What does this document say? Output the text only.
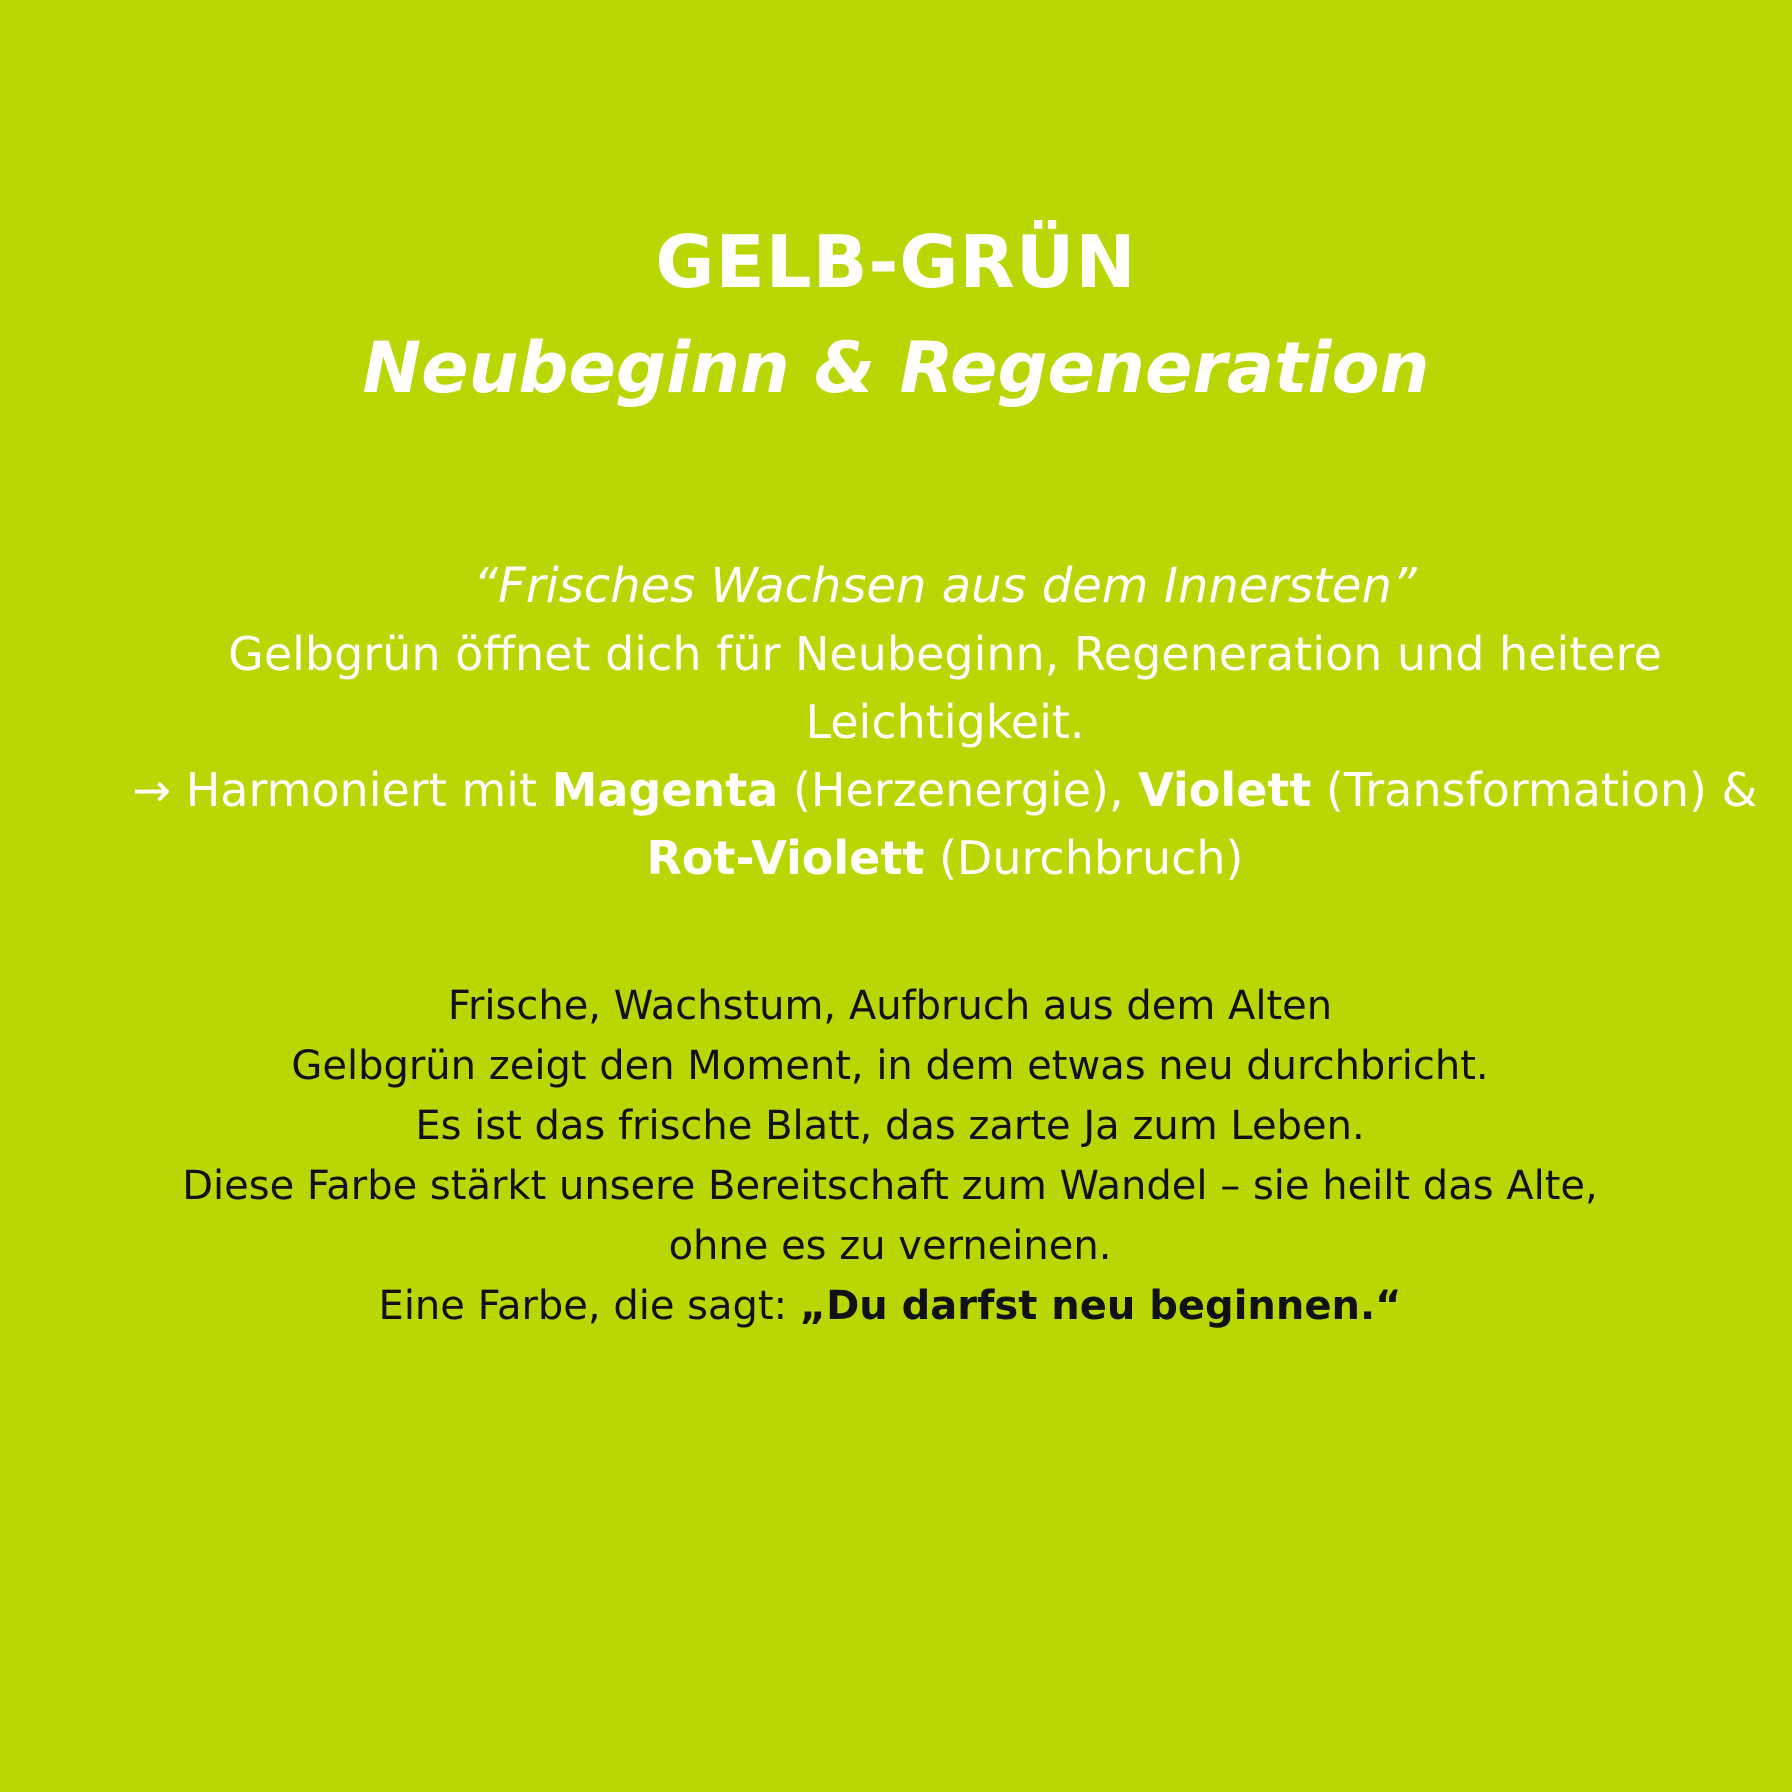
GELB-GRÜN
Neubeginn & Regeneration
“Frisches Wachsen aus dem Innersten”
Gelbgrün öffnet dich für Neubeginn, Regeneration und heitere
Leichtigkeit.
→ Harmoniert mit Magenta (Herzenergie), Violett (Transformation) &
Rot-Violett (Durchbruch)
Frische, Wachstum, Aufbruch aus dem Alten
Gelbgrün zeigt den Moment, in dem etwas neu durchbricht.
Es ist das frische Blatt, das zarte Ja zum Leben.
Diese Farbe stärkt unsere Bereitschaft zum Wandel – sie heilt das Alte,
ohne es zu verneinen.
Eine Farbe, die sagt: „Du darfst neu beginnen.“
